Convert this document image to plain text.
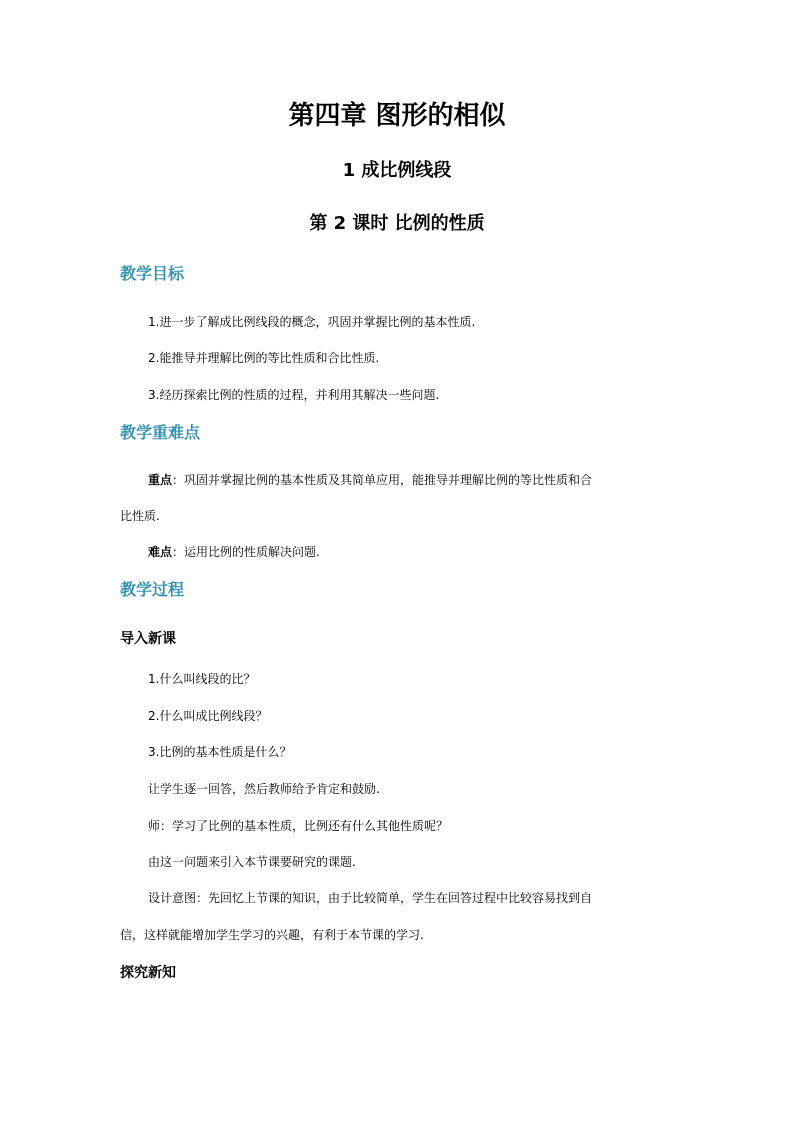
第四章 图形的相似
1 成比例线段
第 2 课时 比例的性质
教学目标
1.进一步了解成比例线段的概念，巩固并掌握比例的基本性质.
2.能推导并理解比例的等比性质和合比性质.
3.经历探索比例的性质的过程，并利用其解决一些问题.
教学重难点
重点：巩固并掌握比例的基本性质及其简单应用，能推导并理解比例的等比性质和合
比性质.
难点：运用比例的性质解决问题.
教学过程
导入新课
1.什么叫线段的比？
2.什么叫成比例线段？
3.比例的基本性质是什么？
让学生逐一回答，然后教师给予肯定和鼓励.
师：学习了比例的基本性质，比例还有什么其他性质呢？
由这一问题来引入本节课要研究的课题.
设计意图：先回忆上节课的知识，由于比较简单，学生在回答过程中比较容易找到自
信，这样就能增加学生学习的兴趣，有利于本节课的学习.
探究新知
